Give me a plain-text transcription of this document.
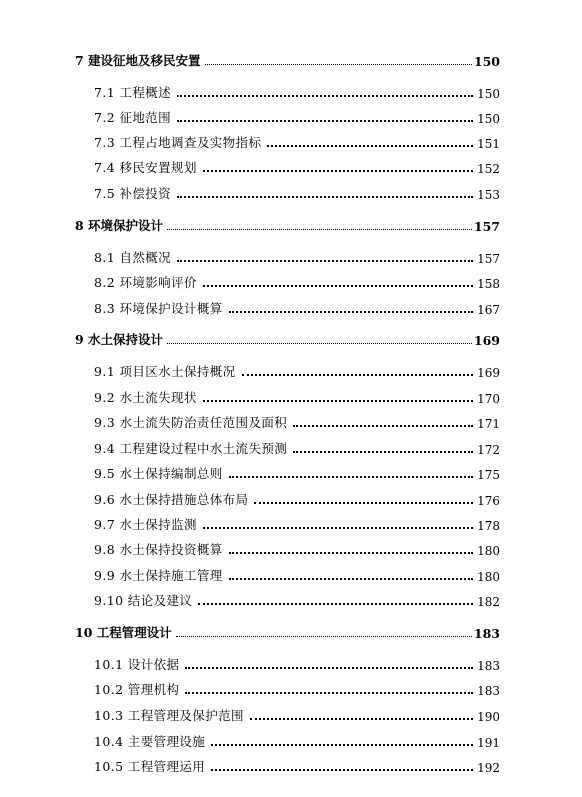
7 建设征地及移民安置	150
7.1 工程概述	150
7.2 征地范围	150
7.3 工程占地调查及实物指标	151
7.4 移民安置规划	152
7.5 补偿投资	153
8 环境保护设计	157
8.1 自然概况	157
8.2 环境影响评价	158
8.3 环境保护设计概算	167
9 水土保持设计	169
9.1 项目区水土保持概况	169
9.2 水土流失现状	170
9.3 水土流失防治责任范围及面积	171
9.4 工程建设过程中水土流失预测	172
9.5 水土保持编制总则	175
9.6 水土保持措施总体布局	176
9.7 水土保持监测	178
9.8 水土保持投资概算	180
9.9 水土保持施工管理	180
9.10 结论及建议	182
10 工程管理设计	183
10.1 设计依据	183
10.2 管理机构	183
10.3 工程管理及保护范围	190
10.4 主要管理设施	191
10.5 工程管理运用	192
